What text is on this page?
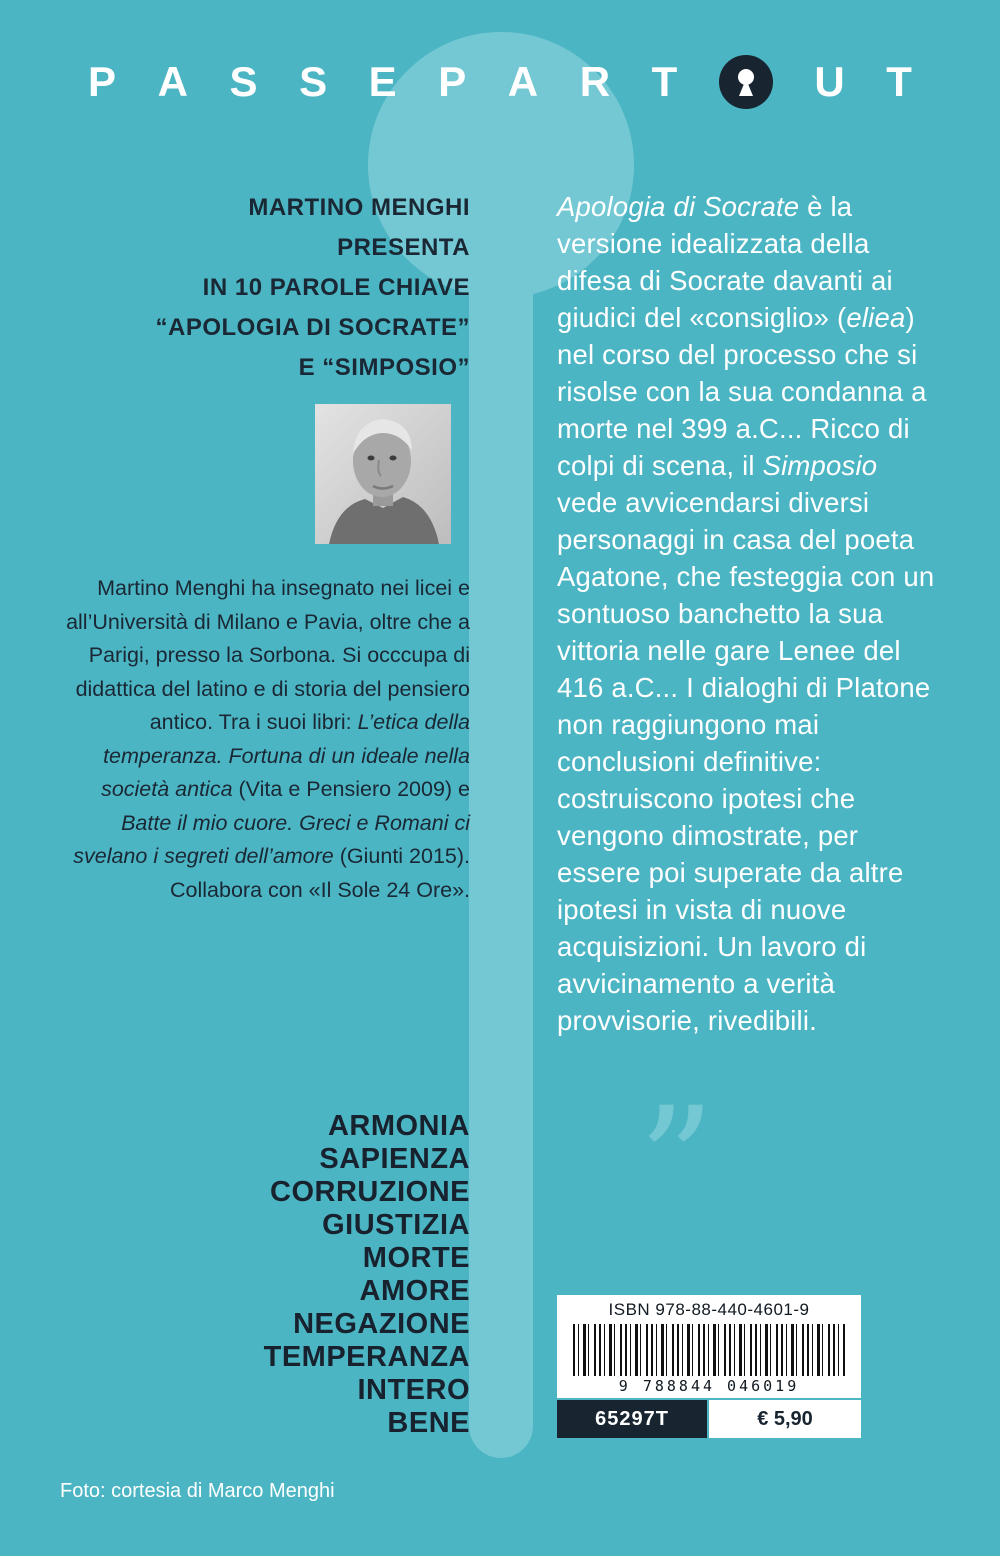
P A S S E P A R T	U T
MARTINO MENGHI
PRESENTA
IN 10 PAROLE CHIAVE
“APOLOGIA DI SOCRATE”
E “SIMPOSIO”

Martino Menghi ha insegnato nei licei e all’Università di Milano e Pavia, oltre che a Parigi, presso la Sorbona. Si occcupa di didattica del latino e di storia del pensiero antico. Tra i suoi libri: L’etica della temperanza. Fortuna di un ideale nella società antica (Vita e Pensiero 2009) e Batte il mio cuore. Greci e Romani ci svelano i segreti dell’amore (Giunti 2015). Collabora con «Il Sole 24 Ore».

ARMONIA
SAPIENZA
CORRUZIONE
GIUSTIZIA
MORTE
AMORE
NEGAZIONE
TEMPERANZA
INTERO
BENE
“

Apologia di Socrate è la versione idealizzata della difesa di Socrate davanti ai giudici del «consiglio» (eliea) nel corso del processo che si risolse con la sua condanna a morte nel 399 a.C... Ricco di colpi di scena, il Simposio vede avvicendarsi diversi personaggi in casa del poeta Agatone, che festeggia con un sontuoso banchetto la sua vittoria nelle gare Lenee del 416 a.C... I dialoghi di Platone non raggiungono mai conclusioni definitive: costruiscono ipotesi che vengono dimostrate, per essere poi superate da altre ipotesi in vista di nuove acquisizioni. Un lavoro di avvicinamento a verità provvisorie, rivedibili.

”
ISBN 978-88-440-4601-9
9 788844 046019
65297T	€ 5,90
Foto: cortesia di Marco Menghi
